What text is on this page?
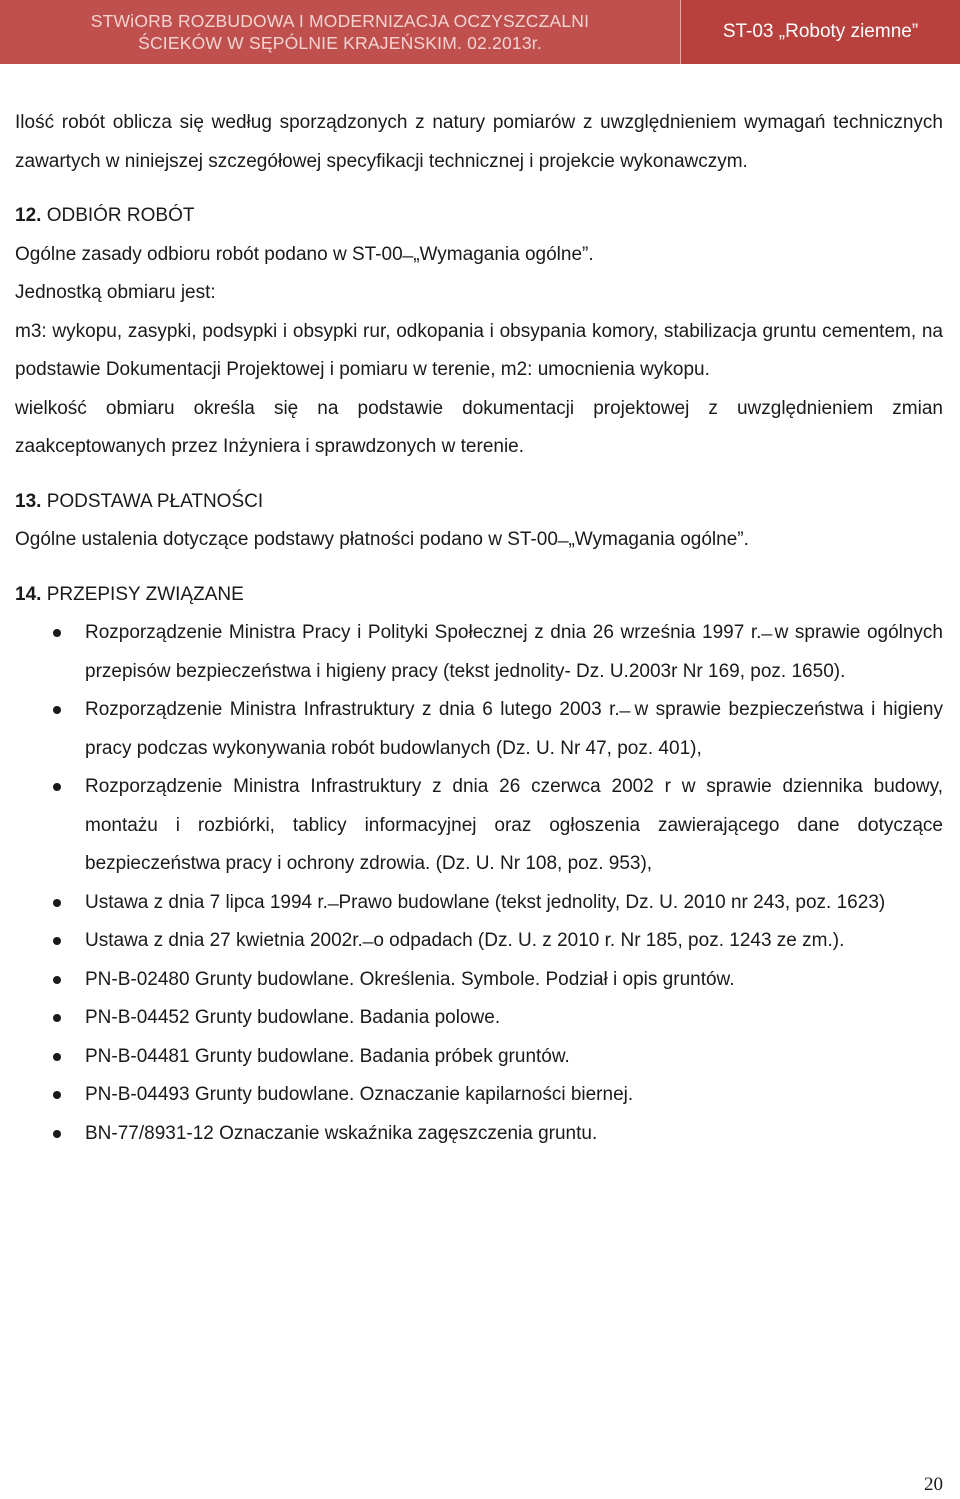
STWiORB ROZBUDOWA I MODERNIZACJA OCZYSZCZALNI
ŚCIEKÓW W SĘPÓLNIE KRAJEŃSKIM. 02.2013r.
ST-03 „Roboty ziemne”

Ilość robót oblicza się według sporządzonych z natury pomiarów z uwzględnieniem wymagań technicznych zawartych w niniejszej szczegółowej specyfikacji technicznej i projekcie wykonawczym.

12. ODBIÓR ROBÓT

Ogólne zasady odbioru robót podano w ST-00 ̶ „Wymagania ogólne”.

Jednostką obmiaru jest:

m3: wykopu, zasypki, podsypki i obsypki rur, odkopania i obsypania komory, stabilizacja gruntu cementem, na podstawie Dokumentacji Projektowej i pomiaru w terenie, m2: umocnienia wykopu.

wielkość obmiaru określa się na podstawie dokumentacji projektowej z uwzględnieniem zmian zaakceptowanych przez Inżyniera i sprawdzonych w terenie.

13. PODSTAWA PŁATNOŚCI

Ogólne ustalenia dotyczące podstawy płatności podano w ST-00 ̶ „Wymagania ogólne”.

14. PRZEPISY ZWIĄZANE

Rozporządzenie Ministra Pracy i Polityki Społecznej z dnia 26 września 1997 r. ̶ w sprawie ogólnych przepisów bezpieczeństwa i higieny pracy (tekst jednolity- Dz. U.2003r Nr 169, poz. 1650).
Rozporządzenie Ministra Infrastruktury z dnia 6 lutego 2003 r. ̶ w sprawie bezpieczeństwa i higieny pracy podczas wykonywania robót budowlanych (Dz. U. Nr 47, poz. 401),
Rozporządzenie Ministra Infrastruktury z dnia 26 czerwca 2002 r w sprawie dziennika budowy, montażu i rozbiórki, tablicy informacyjnej oraz ogłoszenia zawierającego dane dotyczące bezpieczeństwa pracy i ochrony zdrowia. (Dz. U. Nr 108, poz. 953),
Ustawa z dnia 7 lipca 1994 r. ̶ Prawo budowlane (tekst jednolity, Dz. U. 2010 nr 243, poz. 1623)
Ustawa z dnia 27 kwietnia 2002r. ̶ o odpadach (Dz. U. z 2010 r. Nr 185, poz. 1243 ze zm.).
PN-B-02480 Grunty budowlane. Określenia. Symbole. Podział i opis gruntów.
PN-B-04452 Grunty budowlane. Badania polowe.
PN-B-04481 Grunty budowlane. Badania próbek gruntów.
PN-B-04493 Grunty budowlane. Oznaczanie kapilarności biernej.
BN-77/8931-12 Oznaczanie wskaźnika zagęszczenia gruntu.
20
